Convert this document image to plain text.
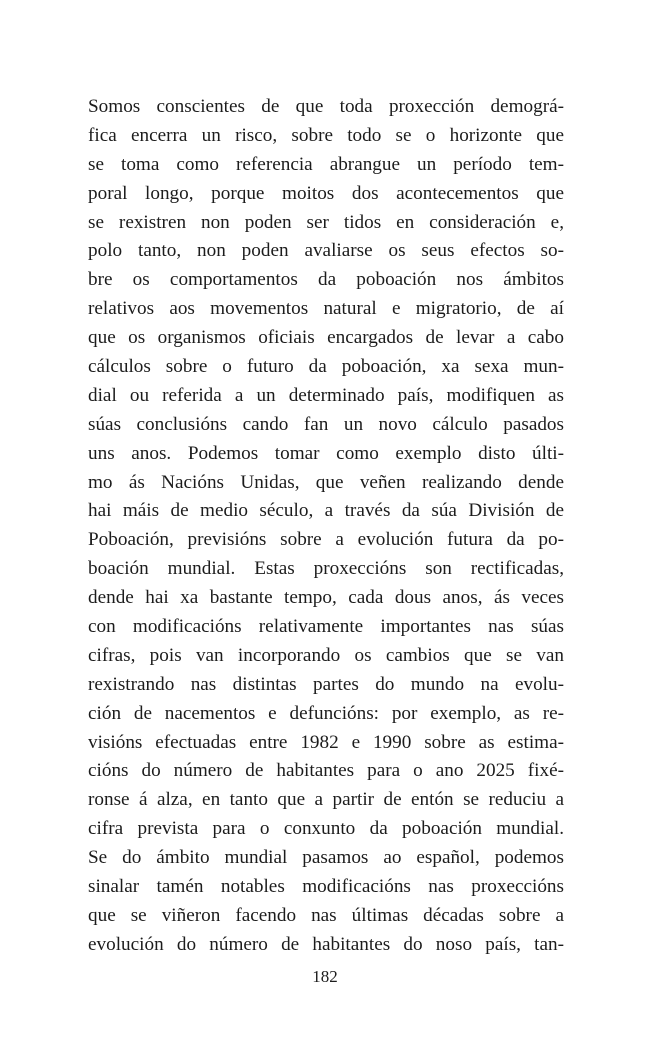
Somos conscientes de que toda proxección demográ-
fica encerra un risco, sobre todo se o horizonte que
se toma como referencia abrangue un período tem-
poral longo, porque moitos dos acontecementos que
se rexistren non poden ser tidos en consideración e,
polo tanto, non poden avaliarse os seus efectos so-
bre os comportamentos da poboación nos ámbitos
relativos aos movementos natural e migratorio, de aí
que os organismos oficiais encargados de levar a cabo
cálculos sobre o futuro da poboación, xa sexa mun-
dial ou referida a un determinado país, modifiquen as
súas conclusións cando fan un novo cálculo pasados
uns anos. Podemos tomar como exemplo disto últi-
mo ás Nacións Unidas, que veñen realizando dende
hai máis de medio século, a través da súa División de
Poboación, previsións sobre a evolución futura da po-
boación mundial. Estas proxeccións son rectificadas,
dende hai xa bastante tempo, cada dous anos, ás veces
con modificacións relativamente importantes nas súas
cifras, pois van incorporando os cambios que se van
rexistrando nas distintas partes do mundo na evolu-
ción de nacementos e defuncións: por exemplo, as re-
visións efectuadas entre 1982 e 1990 sobre as estima-
cións do número de habitantes para o ano 2025 fixé-
ronse á alza, en tanto que a partir de entón se reduciu a
cifra prevista para o conxunto da poboación mundial.
Se do ámbito mundial pasamos ao español, podemos
sinalar tamén notables modificacións nas proxeccións
que se viñeron facendo nas últimas décadas sobre a
evolución do número de habitantes do noso país, tan-
182
